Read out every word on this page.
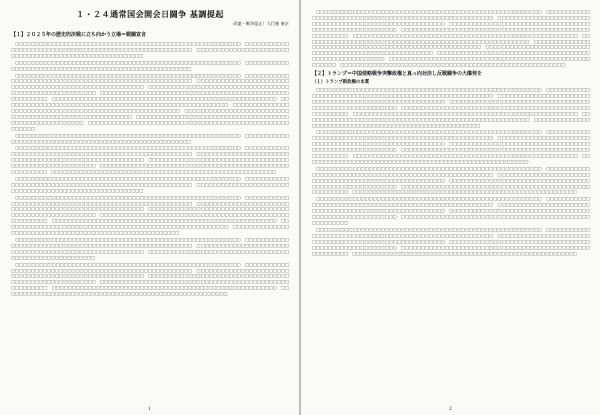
１・２４通常国会開会日闘争 基調提起
改憲・戦争阻止！大行進 東京
【１】２０２５年の歴史的決戦に立ち向かう立場＝戦闘宣言
　□□□□□□□□□□□□□□□□□□□□□□□□□□□□□□□□□□□□□□□□□□□□□□□□□□□□□□□□　□□□□□□□□□□□□□□□□□□□□□□□□□□□□□□□□□□□□□□□□□□□□□□□□□□□□□□□□　□□□□□□□□□□□□□□□□□□□□□□□□□□□□□□□□□□□□□□□□□□□□□□□□□□□□□□□□
　□□□□□□□□□□□□□□□□□□□□□□□□□□□□□□□□□□□□□□□□□□□□□□□□□□□□□□□□　□□□□□□□□□□□□□□□□□□□□□□□□□□□□□□□□□□□□□□□□□□□□□□□□□□□□□□□□
　□□□□□□□□□□□□□□□□□□□□□□□□□□□□□□□□□□□□□□□□□□□□□□□□□□□□□□□□　□□□□□□□□□□□□□□□□□□□□□□□□□□□□□□□□□□□□□□□□□□□□□□□□□□□□□□□□　□□□□□□□□□□□□□□□□□□□□□□□□□□□□□□□□□□□□□□□□□□□□□□□□□□□□□□□□　□□□□□□□□□□□□□□□□□□□□□□□□□□□□□□□□□□□□□□□□□□□□□□□□□□□□□□□□　□□□□□□□□□□□□□□□□□□□□□□□□□□□□□□□□□□□□□□□□□□□□□□□□□□□□□□□□　□□□□□□□□□□□□□□□□□□□□□□□□□□□□□□□□□□□□□□□□□□□□□□□□□□□□□□□□　□□□□□□□□□□□□□□□□□□□□□□□□□□□□□□□□□□□□□□□□□□□□□□□□□□□□□□□□　□□□□□□□□□□□□□□□□□□□□□□□□□□□□□□□□□□□□□□□□□□□□□□□□□□□□□□□□　□□□□□□□□□□□□□□□□□□□□□□□□□□□□□□□□□□□□□□□□□□□□□□□□□□□□□□□□　□□□□□□□□□□□□□□□□□□□□□□□□□□□□□□□□□□□□□□□□□□□□□□□□□□□□□□□□　□□□□□□□□□□□□□□□□□□□□□□□□□□□□□□□□□□□□□□□□□□□□□□□□□□□□□□□□
　□□□□□□□□□□□□□□□□□□□□□□□□□□□□□□□□□□□□□□□□□□□□□□□□□□□□□□□□　□□□□□□□□□□□□□□□□□□□□□□□□□□□□□□□□□□□□□□□□□□□□□□□□□□□□□□□□
　□□□□□□□□□□□□□□□□□□□□□□□□□□□□□□□□□□□□□□□□□□□□□□□□□□□□□□□□　□□□□□□□□□□□□□□□□□□□□□□□□□□□□□□□□□□□□□□□□□□□□□□□□□□□□□□□□　□□□□□□□□□□□□□□□□□□□□□□□□□□□□□□□□□□□□□□□□□□□□□□□□□□□□□□□□　□□□□□□□□□□□□□□□□□□□□□□□□□□□□□□□□□□□□□□□□□□□□□□□□□□□□□□□□　□□□□□□□□□□□□□□□□□□□□□□□□□□□□□□□□□□□□□□□□□□□□□□□□□□□□□□□□　□□□□□□□□□□□□□□□□□□□□□□□□□□□□□□□□□□□□□□□□□□□□□□□□□□□□□□□□
　□□□□□□□□□□□□□□□□□□□□□□□□□□□□□□□□□□□□□□□□□□□□□□□□□□□□□□□□　□□□□□□□□□□□□□□□□□□□□□□□□□□□□□□□□□□□□□□□□□□□□□□□□□□□□□□□□　□□□□□□□□□□□□□□□□□□□□□□□□□□□□□□□□□□□□□□□□□□□□□□□□□□□□□□□□
　□□□□□□□□□□□□□□□□□□□□□□□□□□□□□□□□□□□□□□□□□□□□□□□□□□□□□□□□　□□□□□□□□□□□□□□□□□□□□□□□□□□□□□□□□□□□□□□□□□□□□□□□□□□□□□□□□　□□□□□□□□□□□□□□□□□□□□□□□□□□□□□□□□□□□□□□□□□□□□□□□□□□□□□□□□　□□□□□□□□□□□□□□□□□□□□□□□□□□□□□□□□□□□□□□□□□□□□□□□□□□□□□□□□　□□□□□□□□□□□□□□□□□□□□□□□□□□□□□□□□□□□□□□□□□□□□□□□□□□□□□□□□　□□□□□□□□□□□□□□□□□□□□□□□□□□□□□□□□□□□□□□□□□□□□□□□□□□□□□□□□　□□□□□□□□□□□□□□□□□□□□□□□□□□□□□□□□□□□□□□□□□□□□□□□□□□□□□□□□　□□□□□□□□□□□□□□□□□□□□□□□□□□□□□□□□□□□□□□□□□□□□□□□□□□□□□□□□
　□□□□□□□□□□□□□□□□□□□□□□□□□□□□□□□□□□□□□□□□□□□□□□□□□□□□□□□□　□□□□□□□□□□□□□□□□□□□□□□□□□□□□□□□□□□□□□□□□□□□□□□□□□□□□□□□□　□□□□□□□□□□□□□□□□□□□□□□□□□□□□□□□□□□□□□□□□□□□□□□□□□□□□□□□□　□□□□□□□□□□□□□□□□□□□□□□□□□□□□□□□□□□□□□□□□□□□□□□□□□□□□□□□□
　□□□□□□□□□□□□□□□□□□□□□□□□□□□□□□□□□□□□□□□□□□□□□□□□□□□□□□□□　□□□□□□□□□□□□□□□□□□□□□□□□□□□□□□□□□□□□□□□□□□□□□□□□□□□□□□□□　□□□□□□□□□□□□□□□□□□□□□□□□□□□□□□□□□□□□□□□□□□□□□□□□□□□□□□□□　□□□□□□□□□□□□□□□□□□□□□□□□□□□□□□□□□□□□□□□□□□□□□□□□□□□□□□□□　□□□□□□□□□□□□□□□□□□□□□□□□□□□□□□□□□□□□□□□□□□□□□□□□□□□□□□□□　□□□□□□□□□□□□□□□□□□□□□□□□□□□□□□□□□□□□□□□□□□□□□□□□□□□□□□□□　□□□□□□□□□□□□□□□□□□□□□□□□□□□□□□□□□□□□□□□□□□□□□□□□□□□□□□□□
1
　□□□□□□□□□□□□□□□□□□□□□□□□□□□□□□□□□□□□□□□□□□□□□□□□□□□□□□□□　□□□□□□□□□□□□□□□□□□□□□□□□□□□□□□□□□□□□□□□□□□□□□□□□□□□□□□□□　□□□□□□□□□□□□□□□□□□□□□□□□□□□□□□□□□□□□□□□□□□□□□□□□□□□□□□□□　□□□□□□□□□□□□□□□□□□□□□□□□□□□□□□□□□□□□□□□□□□□□□□□□□□□□□□□□　□□□□□□□□□□□□□□□□□□□□□□□□□□□□□□□□□□□□□□□□□□□□□□□□□□□□□□□□　□□□□□□□□□□□□□□□□□□□□□□□□□□□□□□□□□□□□□□□□□□□□□□□□□□□□□□□□　□□□□□□□□□□□□□□□□□□□□□□□□□□□□□□□□□□□□□□□□□□□□□□□□□□□□□□□□　□□□□□□□□□□□□□□□□□□□□□□□□□□□□□□□□□□□□□□□□□□□□□□□□□□□□□□□□　□□□□□□□□□□□□□□□□□□□□□□□□□□□□□□□□□□□□□□□□□□□□□□□□□□□□□□□□　□□□□□□□□□□□□□□□□□□□□□□□□□□□□□□□□□□□□□□□□□□□□□□□□□□□□□□□□　□□□□□□□□□□□□□□□□□□□□□□□□□□□□□□□□□□□□□□□□□□□□□□□□□□□□□□□□　□□□□□□□□□□□□□□□□□□□□□□□□□□□□□□□□□□□□□□□□□□□□□□□□□□□□□□□□
【２】トランプ＝中国侵略戦争突撃政権と真っ向対決し反戦闘争の大爆発を
（１）トランプ新政権の本質
　□□□□□□□□□□□□□□□□□□□□□□□□□□□□□□□□□□□□□□□□□□□□□□□□□□□□□□□□　□□□□□□□□□□□□□□□□□□□□□□□□□□□□□□□□□□□□□□□□□□□□□□□□□□□□□□□□　□□□□□□□□□□□□□□□□□□□□□□□□□□□□□□□□□□□□□□□□□□□□□□□□□□□□□□□□　□□□□□□□□□□□□□□□□□□□□□□□□□□□□□□□□□□□□□□□□□□□□□□□□□□□□□□□□　□□□□□□□□□□□□□□□□□□□□□□□□□□□□□□□□□□□□□□□□□□□□□□□□□□□□□□□□　□□□□□□□□□□□□□□□□□□□□□□□□□□□□□□□□□□□□□□□□□□□□□□□□□□□□□□□□　□□□□□□□□□□□□□□□□□□□□□□□□□□□□□□□□□□□□□□□□□□□□□□□□□□□□□□□□　□□□□□□□□□□□□□□□□□□□□□□□□□□□□□□□□□□□□□□□□□□□□□□□□□□□□□□□□
　□□□□□□□□□□□□□□□□□□□□□□□□□□□□□□□□□□□□□□□□□□□□□□□□□□□□□□□□　□□□□□□□□□□□□□□□□□□□□□□□□□□□□□□□□□□□□□□□□□□□□□□□□□□□□□□□□　□□□□□□□□□□□□□□□□□□□□□□□□□□□□□□□□□□□□□□□□□□□□□□□□□□□□□□□□　□□□□□□□□□□□□□□□□□□□□□□□□□□□□□□□□□□□□□□□□□□□□□□□□□□□□□□□□　□□□□□□□□□□□□□□□□□□□□□□□□□□□□□□□□□□□□□□□□□□□□□□□□□□□□□□□□　□□□□□□□□□□□□□□□□□□□□□□□□□□□□□□□□□□□□□□□□□□□□□□□□□□□□□□□□　□□□□□□□□□□□□□□□□□□□□□□□□□□□□□□□□□□□□□□□□□□□□□□□□□□□□□□□□
　□□□□□□□□□□□□□□□□□□□□□□□□□□□□□□□□□□□□□□□□□□□□□□□□□□□□□□□□　□□□□□□□□□□□□□□□□□□□□□□□□□□□□□□□□□□□□□□□□□□□□□□□□□□□□□□□□　□□□□□□□□□□□□□□□□□□□□□□□□□□□□□□□□□□□□□□□□□□□□□□□□□□□□□□□□　□□□□□□□□□□□□□□□□□□□□□□□□□□□□□□□□□□□□□□□□□□□□□□□□□□□□□□□□　□□□□□□□□□□□□□□□□□□□□□□□□□□□□□□□□□□□□□□□□□□□□□□□□□□□□□□□□　□□□□□□□□□□□□□□□□□□□□□□□□□□□□□□□□□□□□□□□□□□□□□□□□□□□□□□□□
　□□□□□□□□□□□□□□□□□□□□□□□□□□□□□□□□□□□□□□□□□□□□□□□□□□□□□□□□　□□□□□□□□□□□□□□□□□□□□□□□□□□□□□□□□□□□□□□□□□□□□□□□□□□□□□□□□　□□□□□□□□□□□□□□□□□□□□□□□□□□□□□□□□□□□□□□□□□□□□□□□□□□□□□□□□　□□□□□□□□□□□□□□□□□□□□□□□□□□□□□□□□□□□□□□□□□□□□□□□□□□□□□□□□　□□□□□□□□□□□□□□□□□□□□□□□□□□□□□□□□□□□□□□□□□□□□□□□□□□□□□□□□
　□□□□□□□□□□□□□□□□□□□□□□□□□□□□□□□□□□□□□□□□□□□□□□□□□□□□□□□□　□□□□□□□□□□□□□□□□□□□□□□□□□□□□□□□□□□□□□□□□□□□□□□□□□□□□□□□□　□□□□□□□□□□□□□□□□□□□□□□□□□□□□□□□□□□□□□□□□□□□□□□□□□□□□□□□□　□□□□□□□□□□□□□□□□□□□□□□□□□□□□□□□□□□□□□□□□□□□□□□□□□□□□□□□□　□□□□□□□□□□□□□□□□□□□□□□□□□□□□□□□□□□□□□□□□□□□□□□□□□□□□□□□□　□□□□□□□□□□□□□□□□□□□□□□□□□□□□□□□□□□□□□□□□□□□□□□□□□□□□□□□□
2
